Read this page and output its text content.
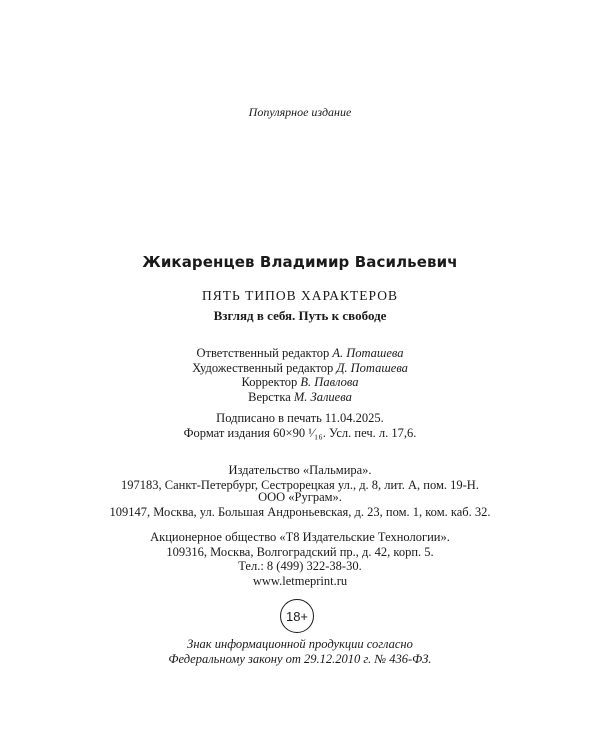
Популярное издание
Жикаренцев Владимир Васильевич
ПЯТЬ ТИПОВ ХАРАКТЕРОВ
Взгляд в себя. Путь к свободе
Ответственный редактор А. Поташева
Художественный редактор Д. Поташева
Корректор В. Павлова
Верстка М. Залиева
Подписано в печать 11.04.2025.
Формат издания 60×90 ¹⁄₁₆. Усл. печ. л. 17,6.
Издательство «Пальмира».
197183, Санкт-Петербург, Сестрорецкая ул., д. 8, лит. А, пом. 19-Н.
ООО «Руграм».
109147, Москва, ул. Большая Андроньевская, д. 23, пом. 1, ком. каб. 32.
Акционерное общество «Т8 Издательские Технологии».
109316, Москва, Волгоградский пр., д. 42, корп. 5.
Тел.: 8 (499) 322-38-30.
www.letmeprint.ru
18+
Знак информационной продукции согласно
Федеральному закону от 29.12.2010 г. № 436-ФЗ.
